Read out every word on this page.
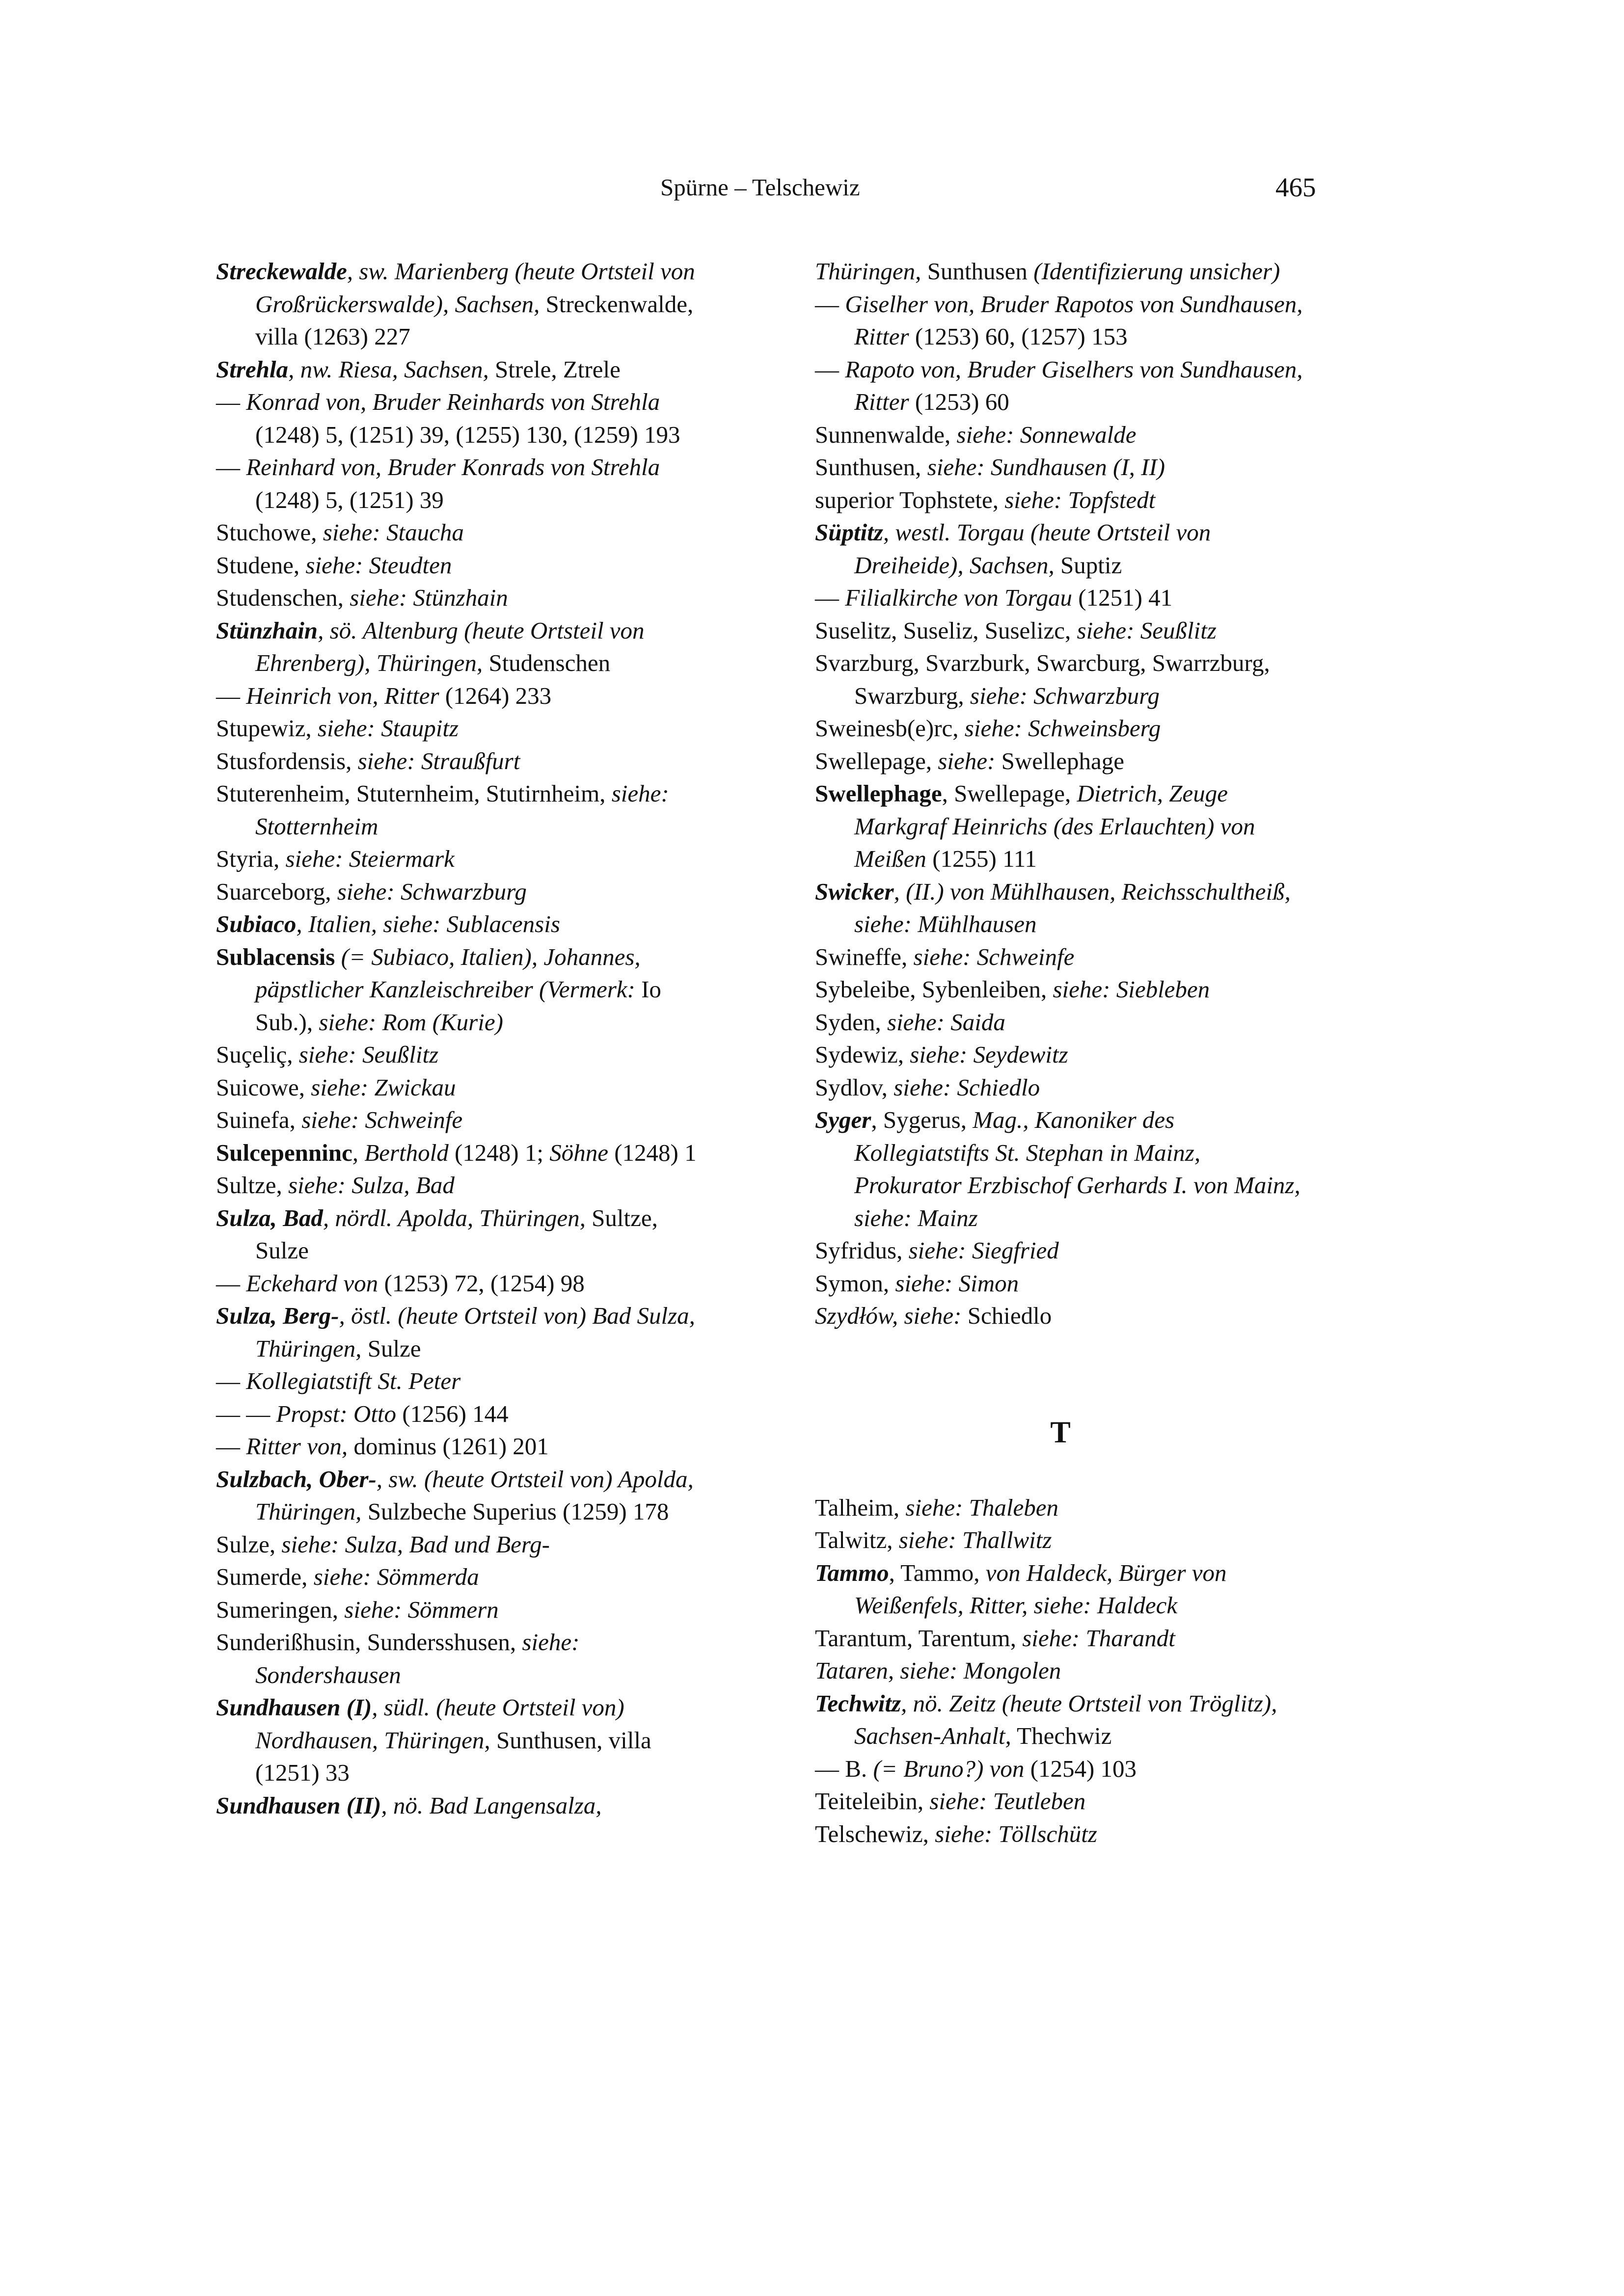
Spürne – Telschewiz	465
Streckewalde, sw. Marienberg (heute Ortsteil von Großrückerswalde), Sachsen, Streckenwalde, villa (1263) 227
Strehla, nw. Riesa, Sachsen, Strele, Ztrele
— Konrad von, Bruder Reinhards von Strehla (1248) 5, (1251) 39, (1255) 130, (1259) 193
— Reinhard von, Bruder Konrads von Strehla (1248) 5, (1251) 39
Stuchowe, siehe: Staucha
Studene, siehe: Steudten
Studenschen, siehe: Stünzhain
Stünzhain, sö. Altenburg (heute Ortsteil von Ehrenberg), Thüringen, Studenschen
— Heinrich von, Ritter (1264) 233
Stupewiz, siehe: Staupitz
Stusfordensis, siehe: Straußfurt
Stuterenheim, Stuternheim, Stutirnheim, siehe: Stotternheim
Styria, siehe: Steiermark
Suarceborg, siehe: Schwarzburg
Subiaco, Italien, siehe: Sublacensis
Sublacensis (= Subiaco, Italien), Johannes, päpstlicher Kanzleischreiber (Vermerk: Io Sub.), siehe: Rom (Kurie)
Suçeliç, siehe: Seußlitz
Suicowe, siehe: Zwickau
Suinefa, siehe: Schweinfe
Sulcepenninc, Berthold (1248) 1; Söhne (1248) 1
Sultze, siehe: Sulza, Bad
Sulza, Bad, nördl. Apolda, Thüringen, Sultze, Sulze
— Eckehard von (1253) 72, (1254) 98
Sulza, Berg-, östl. (heute Ortsteil von) Bad Sulza, Thüringen, Sulze
— Kollegiatstift St. Peter
— — Propst: Otto (1256) 144
— Ritter von, dominus (1261) 201
Sulzbach, Ober-, sw. (heute Ortsteil von) Apolda, Thüringen, Sulzbeche Superius (1259) 178
Sulze, siehe: Sulza, Bad und Berg-
Sumerde, siehe: Sömmerda
Sumeringen, siehe: Sömmern
Sunderißhusin, Sundersshusen, siehe: Sondershausen
Sundhausen (I), südl. (heute Ortsteil von) Nordhausen, Thüringen, Sunthusen, villa (1251) 33
Sundhausen (II), nö. Bad Langensalza,
Thüringen, Sunthusen (Identifizierung unsicher)
— Giselher von, Bruder Rapotos von Sundhausen, Ritter (1253) 60, (1257) 153
— Rapoto von, Bruder Giselhers von Sundhausen, Ritter (1253) 60
Sunnenwalde, siehe: Sonnewalde
Sunthusen, siehe: Sundhausen (I, II)
superior Tophstete, siehe: Topfstedt
Süptitz, westl. Torgau (heute Ortsteil von Dreiheide), Sachsen, Suptiz
— Filialkirche von Torgau (1251) 41
Suselitz, Suseliz, Suselizc, siehe: Seußlitz
Svarzburg, Svarzburk, Swarcburg, Swarrzburg, Swarzburg, siehe: Schwarzburg
Sweinesb(e)rc, siehe: Schweinsberg
Swellepage, siehe: Swellephage
Swellephage, Swellepage, Dietrich, Zeuge Markgraf Heinrichs (des Erlauchten) von Meißen (1255) 111
Swicker, (II.) von Mühlhausen, Reichsschultheiß, siehe: Mühlhausen
Swineffe, siehe: Schweinfe
Sybeleibe, Sybenleiben, siehe: Siebleben
Syden, siehe: Saida
Sydewiz, siehe: Seydewitz
Sydlov, siehe: Schiedlo
Syger, Sygerus, Mag., Kanoniker des Kollegiatstifts St. Stephan in Mainz, Prokurator Erzbischof Gerhards I. von Mainz, siehe: Mainz
Syfridus, siehe: Siegfried
Symon, siehe: Simon
Szydłów, siehe: Schiedlo
T
Talheim, siehe: Thaleben
Talwitz, siehe: Thallwitz
Tammo, Tammo, von Haldeck, Bürger von Weißenfels, Ritter, siehe: Haldeck
Tarantum, Tarentum, siehe: Tharandt
Tataren, siehe: Mongolen
Techwitz, nö. Zeitz (heute Ortsteil von Tröglitz), Sachsen-Anhalt, Thechwiz
— B. (= Bruno?) von (1254) 103
Teiteleibin, siehe: Teutleben
Telschewiz, siehe: Töllschütz
